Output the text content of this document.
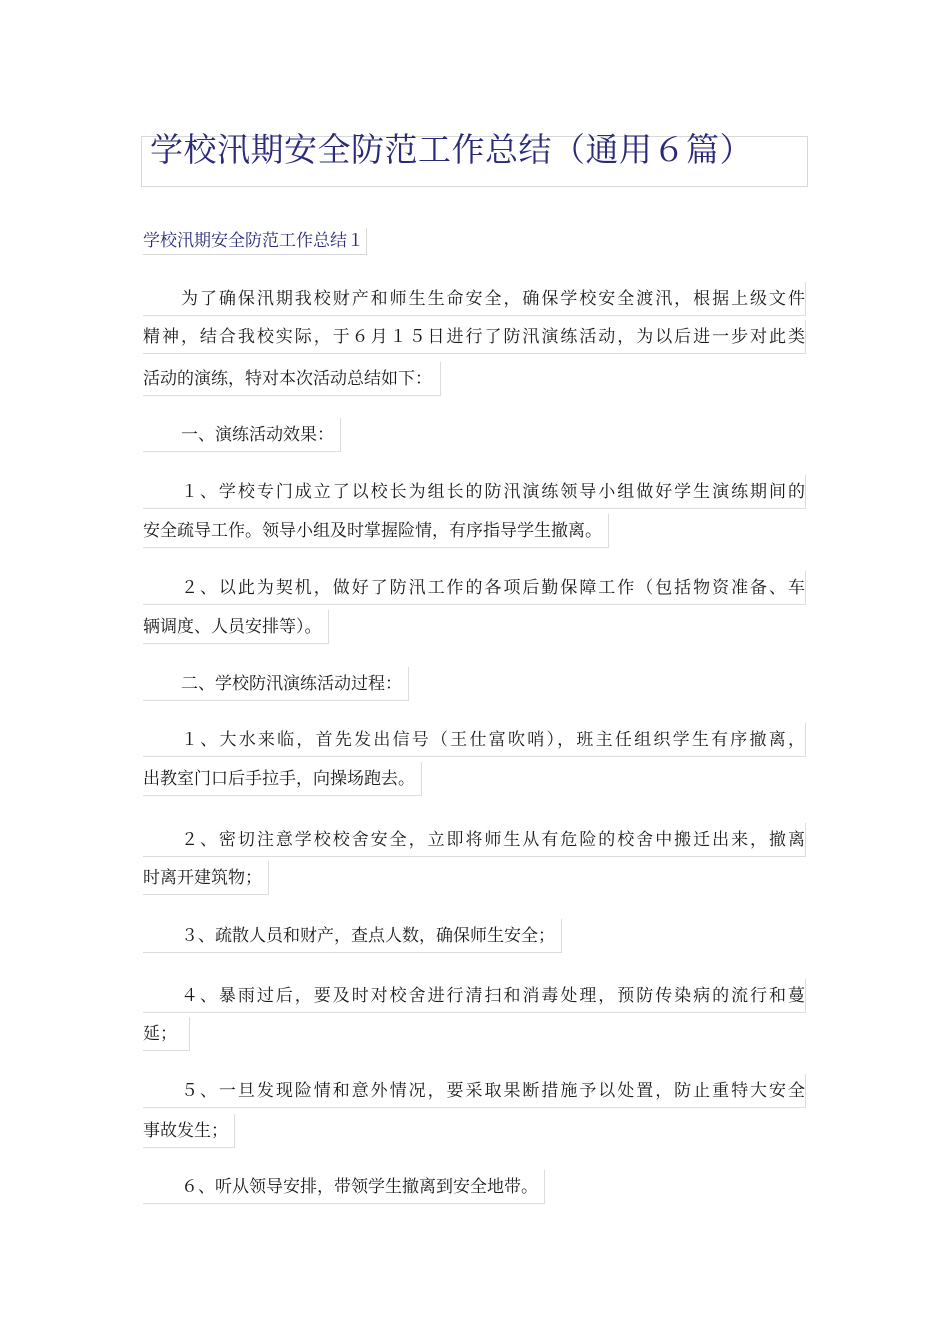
学校汛期安全防范工作总结（通用６篇）
学校汛期安全防范工作总结１
为了确保汛期我校财产和师生生命安全，确保学校安全渡汛，根据上级文件
精神，结合我校实际，于６月１５日进行了防汛演练活动，为以后进一步对此类
活动的演练，特对本次活动总结如下：
一、演练活动效果：
１、学校专门成立了以校长为组长的防汛演练领导小组做好学生演练期间的
安全疏导工作。领导小组及时掌握险情，有序指导学生撤离。
２、以此为契机，做好了防汛工作的各项后勤保障工作（包括物资准备、车
辆调度、人员安排等）。
二、学校防汛演练活动过程：
１、大水来临，首先发出信号（王仕富吹哨），班主任组织学生有序撤离，
出教室门口后手拉手，向操场跑去。
２、密切注意学校校舍安全，立即将师生从有危险的校舍中搬迁出来，撤离
时离开建筑物；
３、疏散人员和财产，查点人数，确保师生安全；
４、暴雨过后，要及时对校舍进行清扫和消毒处理，预防传染病的流行和蔓
延；
５、一旦发现险情和意外情况，要采取果断措施予以处置，防止重特大安全
事故发生；
６、听从领导安排，带领学生撤离到安全地带。
